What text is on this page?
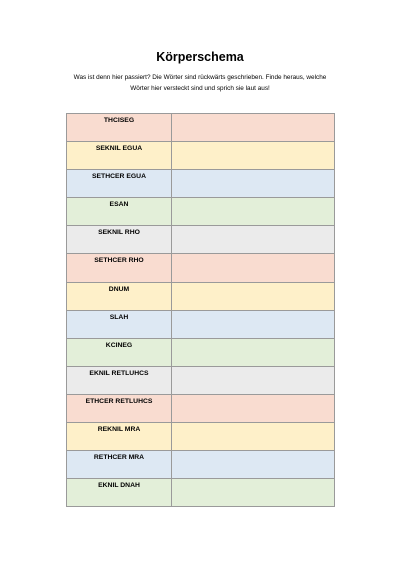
Körperschema
Was ist denn hier passiert? Die Wörter sind rückwärts geschrieben. Finde heraus, welche
Wörter hier versteckt sind und sprich sie laut aus!
THCISEG	
SEKNIL EGUA	
SETHCER EGUA	
ESAN	
SEKNIL RHO	
SETHCER RHO	
DNUM	
SLAH	
KCINEG	
EKNIL RETLUHCS	
ETHCER RETLUHCS	
REKNIL MRA	
RETHCER MRA	
EKNIL DNAH	
